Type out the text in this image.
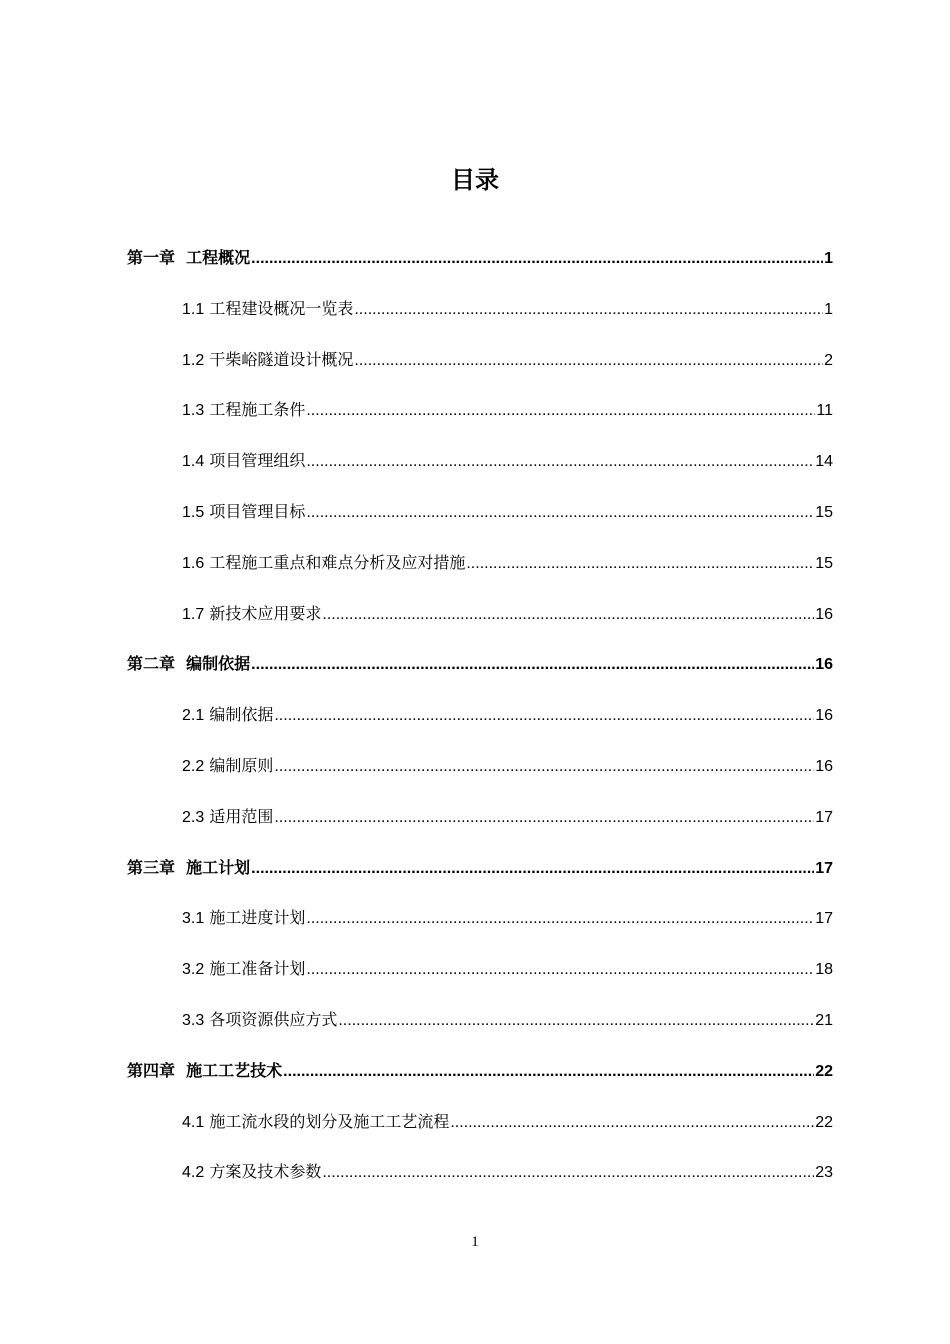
目录
第一章 工程概况 .....	1
1.1 工程建设概况一览表 .....	1
1.2 干柴峪隧道设计概况 .....	2
1.3 工程施工条件 .....	11
1.4 项目管理组织 .....	14
1.5 项目管理目标 .....	15
1.6 工程施工重点和难点分析及应对措施 .....	15
1.7 新技术应用要求 .....	16
第二章 编制依据 .....	16
2.1 编制依据 .....	16
2.2 编制原则 .....	16
2.3 适用范围 .....	17
第三章 施工计划 .....	17
3.1 施工进度计划 .....	17
3.2 施工准备计划 .....	18
3.3 各项资源供应方式 .....	21
第四章 施工工艺技术 .....	22
4.1 施工流水段的划分及施工工艺流程 .....	22
4.2 方案及技术参数 .....	23
1
